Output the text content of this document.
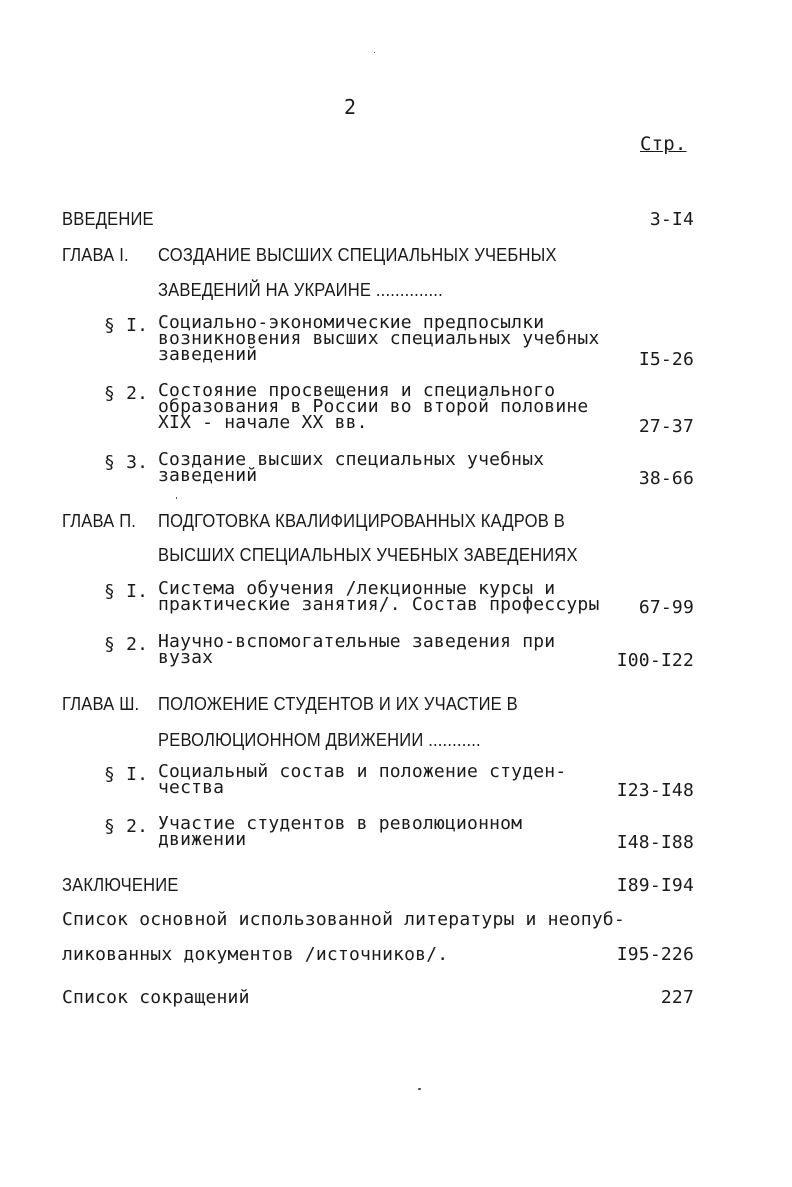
2
Стр.
ВВЕДЕНИЕ	3-I4
ГЛАВА I. СОЗДАНИЕ ВЫСШИХ СПЕЦИАЛЬНЫХ УЧЕБНЫХ
ЗАВЕДЕНИЙ НА УКРАИНЕ ..............
§ I. Социально-экономические предпосылки
возникновения высших специальных учебных
заведений	I5-26
§ 2. Состояние просвещения и специального
образования в России во второй половине
XIX - начале XX вв.	27-37
§ 3. Создание высших специальных учебных
заведений	38-66
ГЛАВА П. ПОДГОТОВКА КВАЛИФИЦИРОВАННЫХ КАДРОВ В
ВЫСШИХ СПЕЦИАЛЬНЫХ УЧЕБНЫХ ЗАВЕДЕНИЯХ
§ I. Система обучения /лекционные курсы и
практические занятия/. Состав профессуры 67-99
§ 2. Научно-вспомогательные заведения при
вузах	I00-I22
ГЛАВА Ш. ПОЛОЖЕНИЕ СТУДЕНТОВ И ИХ УЧАСТИЕ В
РЕВОЛЮЦИОННОМ ДВИЖЕНИИ ...........
§ I. Социальный состав и положение студен-
чества	I23-I48
§ 2. Участие студентов в революционном
движении	I48-I88
ЗАКЛЮЧЕНИЕ	I89-I94
Список основной использованной литературы и неопуб-
ликованных документов /источников/.	I95-226
Список сокращений	227
